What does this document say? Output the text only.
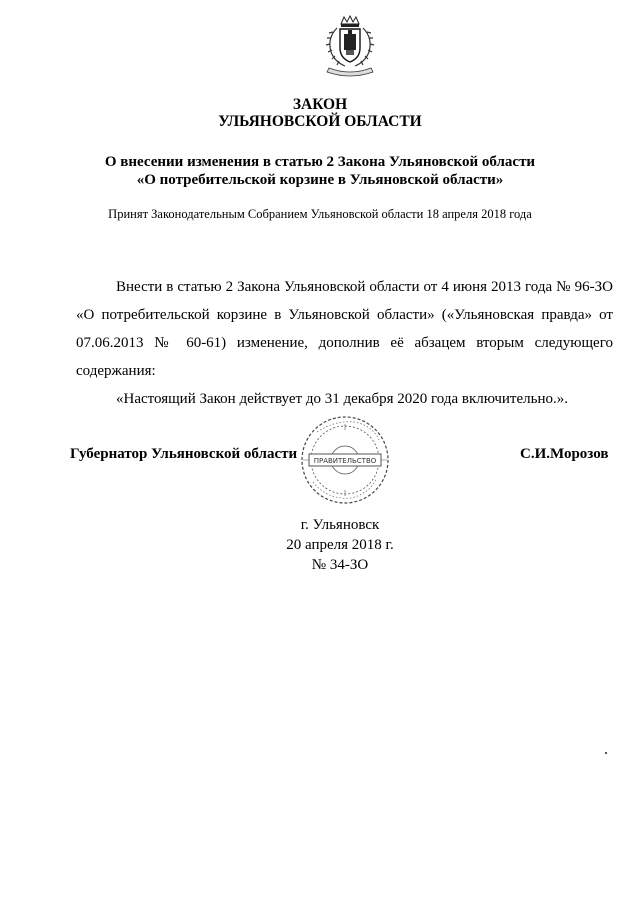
ЗАКОН
УЛЬЯНОВСКОЙ ОБЛАСТИ
О внесении изменения в статью 2 Закона Ульяновской области
«О потребительской корзине в Ульяновской области»
Принят Законодательным Собранием Ульяновской области 18 апреля 2018 года

Внести в статью 2 Закона Ульяновской области от 4 июня 2013 года № 96-ЗО «О потребительской корзине в Ульяновской области» («Ульяновская правда» от 07.06.2013 № 60-61) изменение, дополнив её абзацем вторым следующего содержания:

«Настоящий Закон действует до 31 декабря 2020 года включительно.».

Губернатор Ульяновской области ПРАВИТЕЛЬСТВО	С.И.Морозов
г. Ульяновск
20 апреля 2018 г.
№ 34-ЗО
